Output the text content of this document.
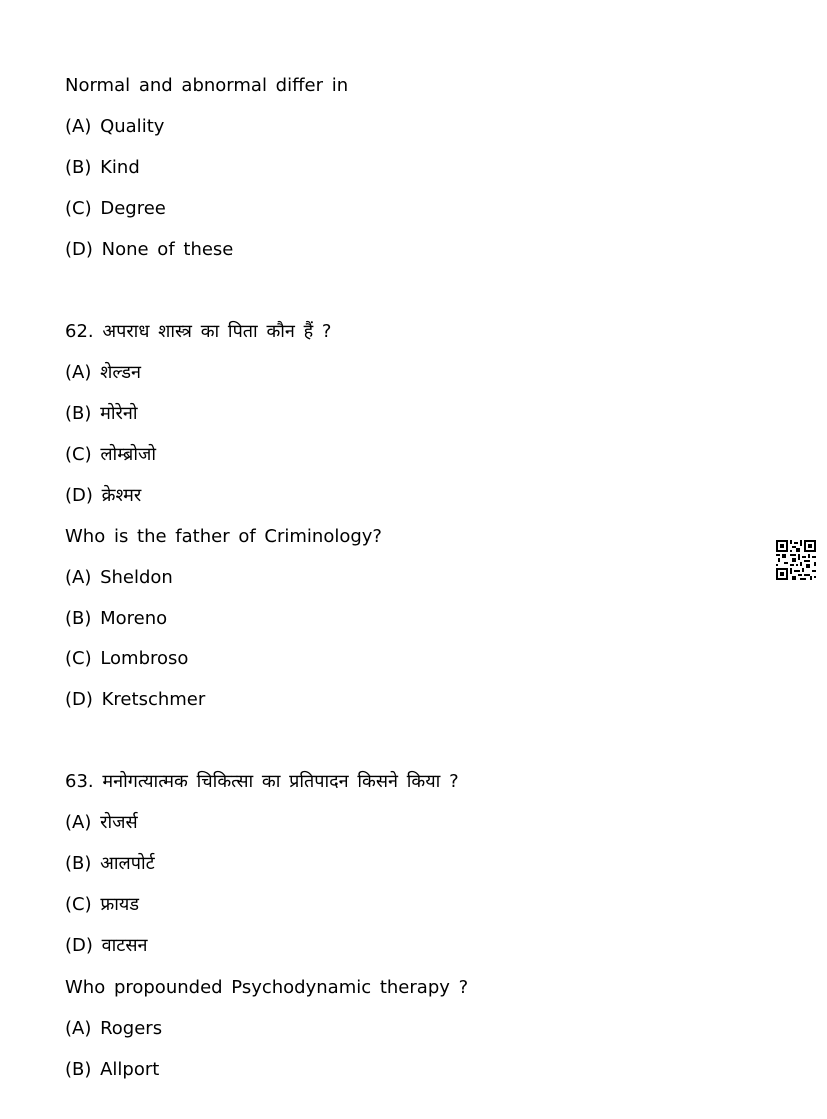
Normal and abnormal differ in
(A) Quality
(B) Kind
(C) Degree
(D) None of these
62. अपराध शास्त्र का पिता कौन हैं ?
(A) शेल्डन
(B) मोरेनो
(C) लोम्ब्रोजो
(D) क्रेश्मर
Who is the father of Criminology?
(A) Sheldon
(B) Moreno
(C) Lombroso
(D) Kretschmer
63. मनोगत्यात्मक चिकित्सा का प्रतिपादन किसने किया ?
(A) रोजर्स
(B) आलपोर्ट
(C) फ्रायड
(D) वाटसन
Who propounded Psychodynamic therapy ?
(A) Rogers
(B) Allport
